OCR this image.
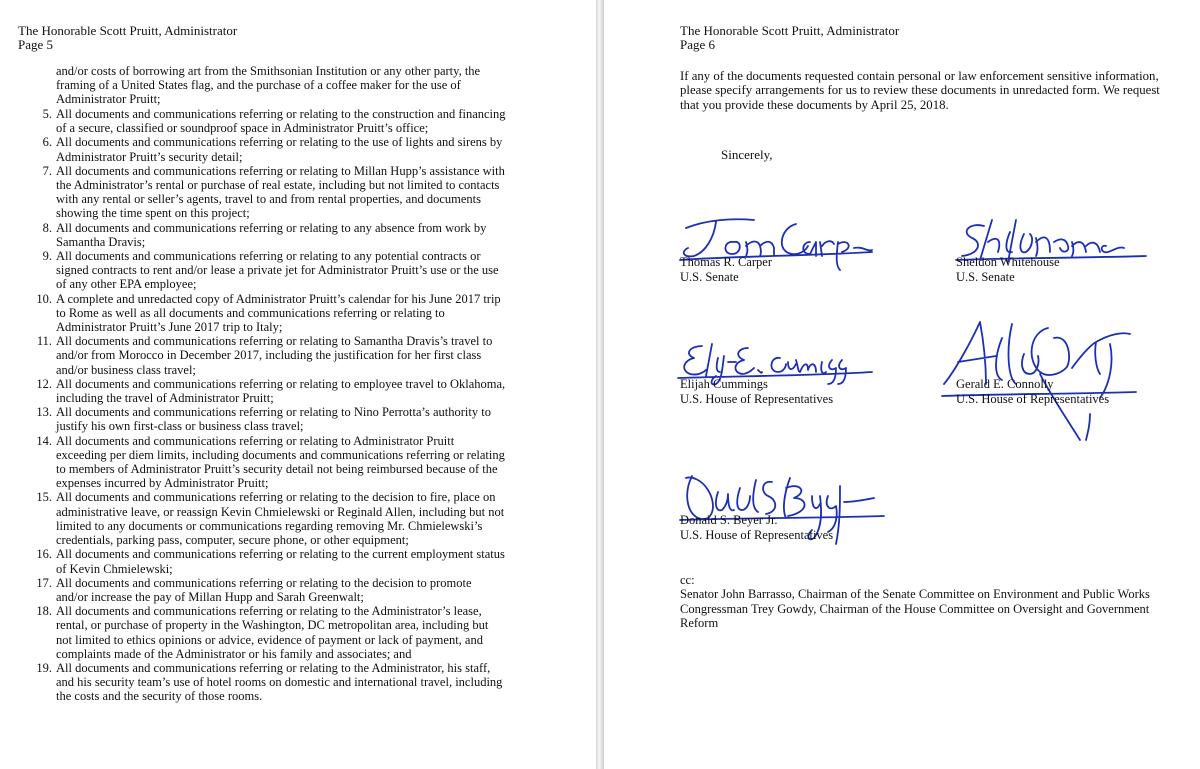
The Honorable Scott Pruitt, Administrator
Page 5
and/or costs of borrowing art from the Smithsonian Institution or any other party, the
framing of a United States flag, and the purchase of a coffee maker for the use of
Administrator Pruitt;
5. All documents and communications referring or relating to the construction and financing
of a secure, classified or soundproof space in Administrator Pruitt’s office;
6. All documents and communications referring or relating to the use of lights and sirens by
Administrator Pruitt’s security detail;
7. All documents and communications referring or relating to Millan Hupp’s assistance with
the Administrator’s rental or purchase of real estate, including but not limited to contacts
with any rental or seller’s agents, travel to and from rental properties, and documents
showing the time spent on this project;
8. All documents and communications referring or relating to any absence from work by
Samantha Dravis;
9. All documents and communications referring or relating to any potential contracts or
signed contracts to rent and/or lease a private jet for Administrator Pruitt’s use or the use
of any other EPA employee;
10. A complete and unredacted copy of Administrator Pruitt’s calendar for his June 2017 trip
to Rome as well as all documents and communications referring or relating to
Administrator Pruitt’s June 2017 trip to Italy;
11. All documents and communications referring or relating to Samantha Dravis’s travel to
and/or from Morocco in December 2017, including the justification for her first class
and/or business class travel;
12. All documents and communications referring or relating to employee travel to Oklahoma,
including the travel of Administrator Pruitt;
13. All documents and communications referring or relating to Nino Perrotta’s authority to
justify his own first-class or business class travel;
14. All documents and communications referring or relating to Administrator Pruitt
exceeding per diem limits, including documents and communications referring or relating
to members of Administrator Pruitt’s security detail not being reimbursed because of the
expenses incurred by Administrator Pruitt;
15. All documents and communications referring or relating to the decision to fire, place on
administrative leave, or reassign Kevin Chmielewski or Reginald Allen, including but not
limited to any documents or communications regarding removing Mr. Chmielewski’s
credentials, parking pass, computer, secure phone, or other equipment;
16. All documents and communications referring or relating to the current employment status
of Kevin Chmielewski;
17. All documents and communications referring or relating to the decision to promote
and/or increase the pay of Millan Hupp and Sarah Greenwalt;
18. All documents and communications referring or relating to the Administrator’s lease,
rental, or purchase of property in the Washington, DC metropolitan area, including but
not limited to ethics opinions or advice, evidence of payment or lack of payment, and
complaints made of the Administrator or his family and associates; and
19. All documents and communications referring or relating to the Administrator, his staff,
and his security team’s use of hotel rooms on domestic and international travel, including
the costs and the security of those rooms.
The Honorable Scott Pruitt, Administrator
Page 6
If any of the documents requested contain personal or law enforcement sensitive information,
please specify arrangements for us to review these documents in unredacted form. We request
that you provide these documents by April 25, 2018.
Sincerely,
Thomas R. Carper
U.S. Senate
Sheldon Whitehouse
U.S. Senate
Elijah Cummings
U.S. House of Representatives
Gerald E. Connolly
U.S. House of Representatives
Donald S. Beyer Jr.
U.S. House of Representatives
cc:
Senator John Barrasso, Chairman of the Senate Committee on Environment and Public Works
Congressman Trey Gowdy, Chairman of the House Committee on Oversight and Government
Reform
